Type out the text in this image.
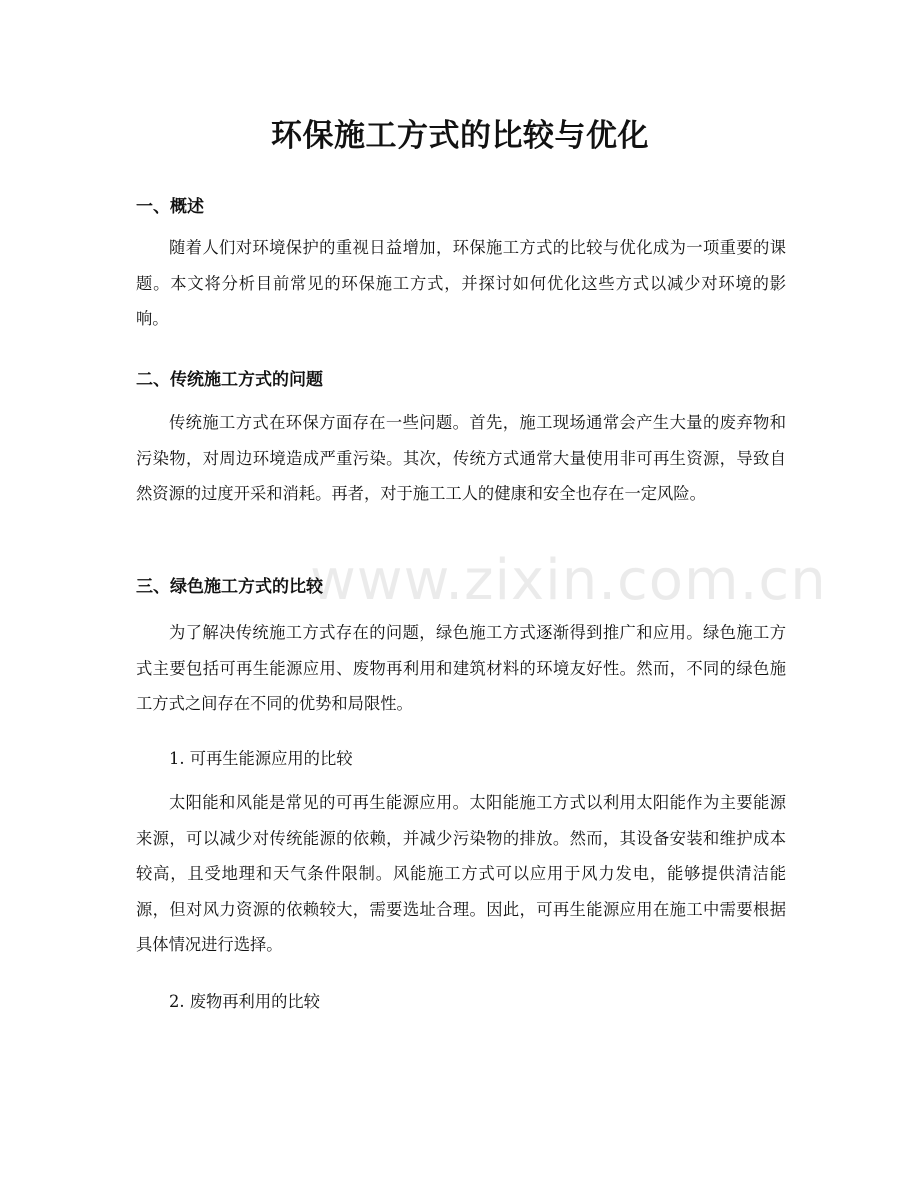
www.zixin.com.cn
环保施工方式的比较与优化
一、概述

随着人们对环境保护的重视日益增加，环保施工方式的比较与优化成为一项重要的课题。本文将分析目前常见的环保施工方式，并探讨如何优化这些方式以减少对环境的影响。

二、传统施工方式的问题

传统施工方式在环保方面存在一些问题。首先，施工现场通常会产生大量的废弃物和污染物，对周边环境造成严重污染。其次，传统方式通常大量使用非可再生资源，导致自然资源的过度开采和消耗。再者，对于施工工人的健康和安全也存在一定风险。

三、绿色施工方式的比较

为了解决传统施工方式存在的问题，绿色施工方式逐渐得到推广和应用。绿色施工方式主要包括可再生能源应用、废物再利用和建筑材料的环境友好性。然而，不同的绿色施工方式之间存在不同的优势和局限性。

1. 可再生能源应用的比较

太阳能和风能是常见的可再生能源应用。太阳能施工方式以利用太阳能作为主要能源来源，可以减少对传统能源的依赖，并减少污染物的排放。然而，其设备安装和维护成本较高，且受地理和天气条件限制。风能施工方式可以应用于风力发电，能够提供清洁能源，但对风力资源的依赖较大，需要选址合理。因此，可再生能源应用在施工中需要根据具体情况进行选择。

2. 废物再利用的比较
